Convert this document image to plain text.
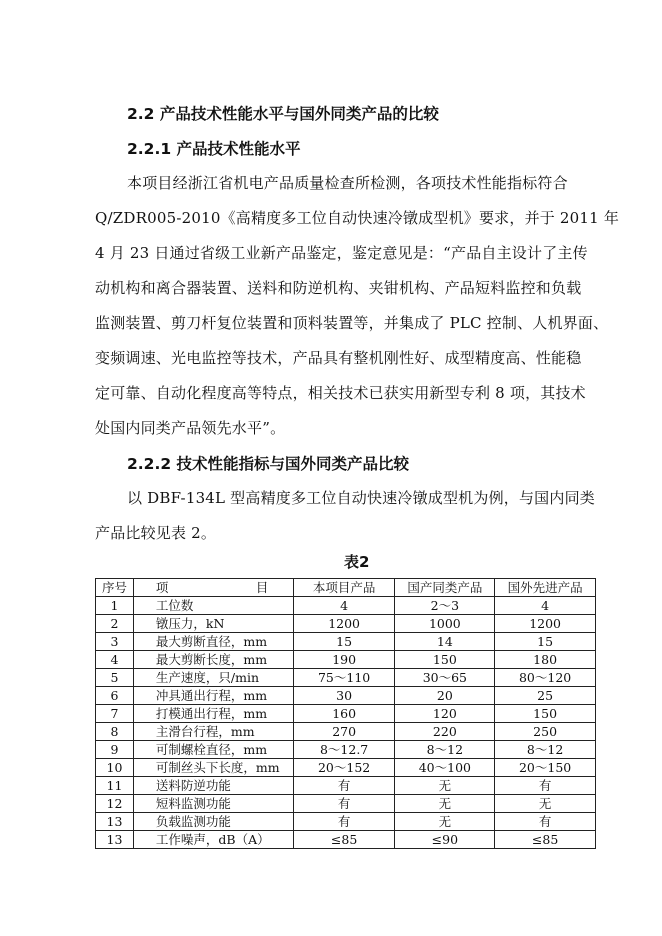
2.2 产品技术性能水平与国外同类产品的比较
2.2.1 产品技术性能水平
本项目经浙江省机电产品质量检查所检测，各项技术性能指标符合
Q/ZDR005-2010《高精度多工位自动快速冷镦成型机》要求，并于 2011 年
4 月 23 日通过省级工业新产品鉴定，鉴定意见是：“产品自主设计了主传
动机构和离合器装置、送料和防逆机构、夹钳机构、产品短料监控和负载
监测装置、剪刀杆复位装置和顶料装置等，并集成了 PLC 控制、人机界面、
变频调速、光电监控等技术，产品具有整机刚性好、成型精度高、性能稳
定可靠、自动化程度高等特点，相关技术已获实用新型专利 8 项，其技术
处国内同类产品领先水平”。
2.2.2 技术性能指标与国外同类产品比较
以 DBF-134L 型高精度多工位自动快速冷镦成型机为例，与国内同类
产品比较见表 2。
表2
序号	项 目	本项目产品	国产同类产品	国外先进产品
1	工位数	4	2～3	4
2	镦压力，kN	1200	1000	1200
3	最大剪断直径，mm	15	14	15
4	最大剪断长度，mm	190	150	180
5	生产速度，只/min	75～110	30～65	80～120
6	冲具通出行程，mm	30	20	25
7	打模通出行程，mm	160	120	150
8	主滑台行程，mm	270	220	250
9	可制螺栓直径，mm	8～12.7	8～12	8～12
10	可制丝头下长度，mm	20～152	40～100	20～150
11	送料防逆功能	有	无	有
12	短料监测功能	有	无	无
13	负载监测功能	有	无	有
13	工作噪声，dB（A）	≤85	≤90	≤85
